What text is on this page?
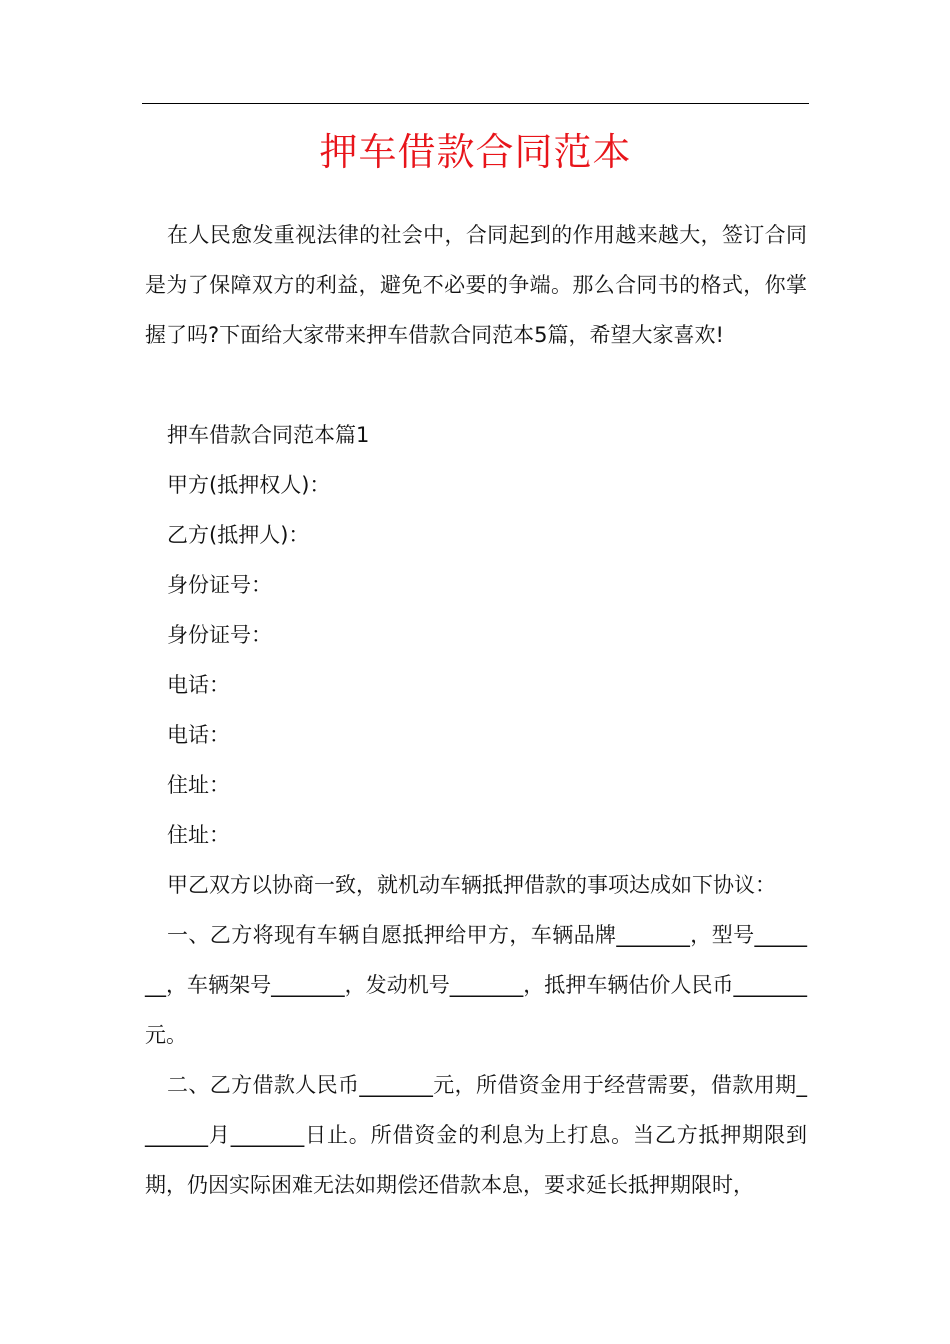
押车借款合同范本

在人民愈发重视法律的社会中，合同起到的作用越来越大，签订合同是为了保障双方的利益，避免不必要的争端。那么合同书的格式，你掌握了吗?下面给大家带来押车借款合同范本5篇，希望大家喜欢!

押车借款合同范本篇1

甲方(抵押权人)：

乙方(抵押人)：

身份证号：

身份证号：

电话：

电话：

住址：

住址：

甲乙双方以协商一致，就机动车辆抵押借款的事项达成如下协议：

一、乙方将现有车辆自愿抵押给甲方，车辆品牌_______，型号_______，车辆架号_______，发动机号_______，抵押车辆估价人民币_______元。

二、乙方借款人民币_______元，所借资金用于经营需要，借款用期_______月_______日止。所借资金的利息为上打息。当乙方抵押期限到期，仍因实际困难无法如期偿还借款本息，要求延长抵押期限时，
